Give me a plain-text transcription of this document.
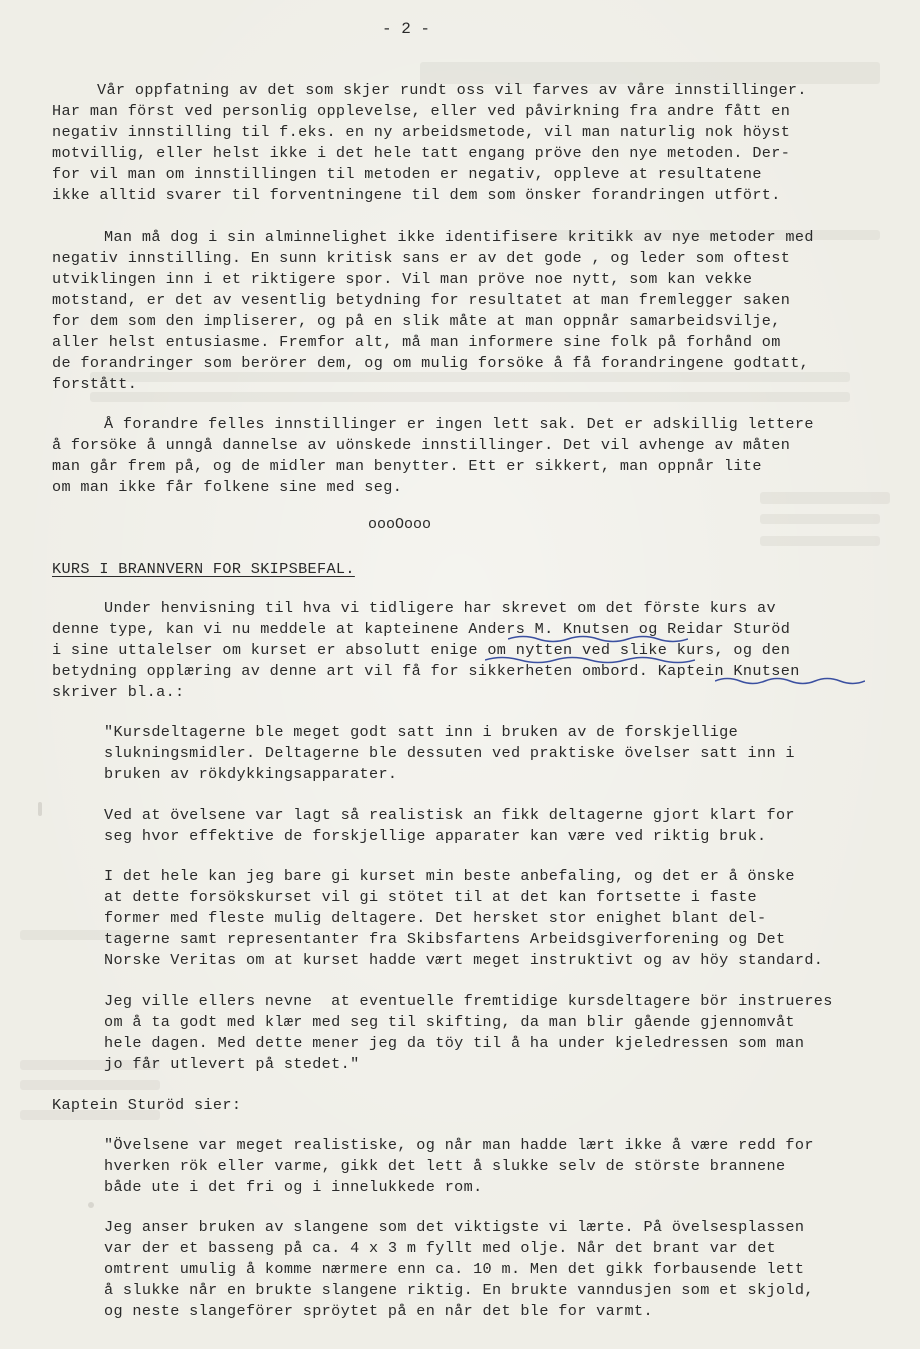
- 2 -
Vår oppfatning av det som skjer rundt oss vil farves av våre innstillinger.
Har man först ved personlig opplevelse, eller ved påvirkning fra andre fått en
negativ innstilling til f.eks. en ny arbeidsmetode, vil man naturlig nok höyst
motvillig, eller helst ikke i det hele tatt engang pröve den nye metoden. Der-
for vil man om innstillingen til metoden er negativ, oppleve at resultatene
ikke alltid svarer til forventningene til dem som önsker forandringen utfört.
Man må dog i sin alminnelighet ikke identifisere kritikk av nye metoder med
negativ innstilling. En sunn kritisk sans er av det gode , og leder som oftest
utviklingen inn i et riktigere spor. Vil man pröve noe nytt, som kan vekke
motstand, er det av vesentlig betydning for resultatet at man fremlegger saken
for dem som den impliserer, og på en slik måte at man oppnår samarbeidsvilje,
aller helst entusiasme. Fremfor alt, må man informere sine folk på forhånd om
de forandringer som berörer dem, og om mulig forsöke å få forandringene godtatt,
forstått.
Å forandre felles innstillinger er ingen lett sak. Det er adskillig lettere
å forsöke å unngå dannelse av uönskede innstillinger. Det vil avhenge av måten
man går frem på, og de midler man benytter. Ett er sikkert, man oppnår lite
om man ikke får folkene sine med seg.
oooOooo
KURS I BRANNVERN FOR SKIPSBEFAL.
Under henvisning til hva vi tidligere har skrevet om det förste kurs av
denne type, kan vi nu meddele at kapteinene Anders M. Knutsen og Reidar Sturöd
i sine uttalelser om kurset er absolutt enige om nytten ved slike kurs, og den
betydning opplæring av denne art vil få for sikkerheten ombord. Kaptein Knutsen
skriver bl.a.:
"Kursdeltagerne ble meget godt satt inn i bruken av de forskjellige
slukningsmidler. Deltagerne ble dessuten ved praktiske övelser satt inn i
bruken av rökdykkingsapparater.
Ved at övelsene var lagt så realistisk an fikk deltagerne gjort klart for
seg hvor effektive de forskjellige apparater kan være ved riktig bruk.
I det hele kan jeg bare gi kurset min beste anbefaling, og det er å önske
at dette forsökskurset vil gi stötet til at det kan fortsette i faste
former med fleste mulig deltagere. Det hersket stor enighet blant del-
tagerne samt representanter fra Skibsfartens Arbeidsgiverforening og Det
Norske Veritas om at kurset hadde vært meget instruktivt og av höy standard.
Jeg ville ellers nevne  at eventuelle fremtidige kursdeltagere bör instrueres
om å ta godt med klær med seg til skifting, da man blir gående gjennomvåt
hele dagen. Med dette mener jeg da töy til å ha under kjeledressen som man
jo får utlevert på stedet."
Kaptein Sturöd sier:
"Övelsene var meget realistiske, og når man hadde lært ikke å være redd for
hverken rök eller varme, gikk det lett å slukke selv de störste brannene
både ute i det fri og i innelukkede rom.
Jeg anser bruken av slangene som det viktigste vi lærte. På övelsesplassen
var der et basseng på ca. 4 x 3 m fyllt med olje. Når det brant var det
omtrent umulig å komme nærmere enn ca. 10 m. Men det gikk forbausende lett
å slukke når en brukte slangene riktig. En brukte vanndusjen som et skjold,
og neste slangeförer spröytet på en når det ble for varmt.
